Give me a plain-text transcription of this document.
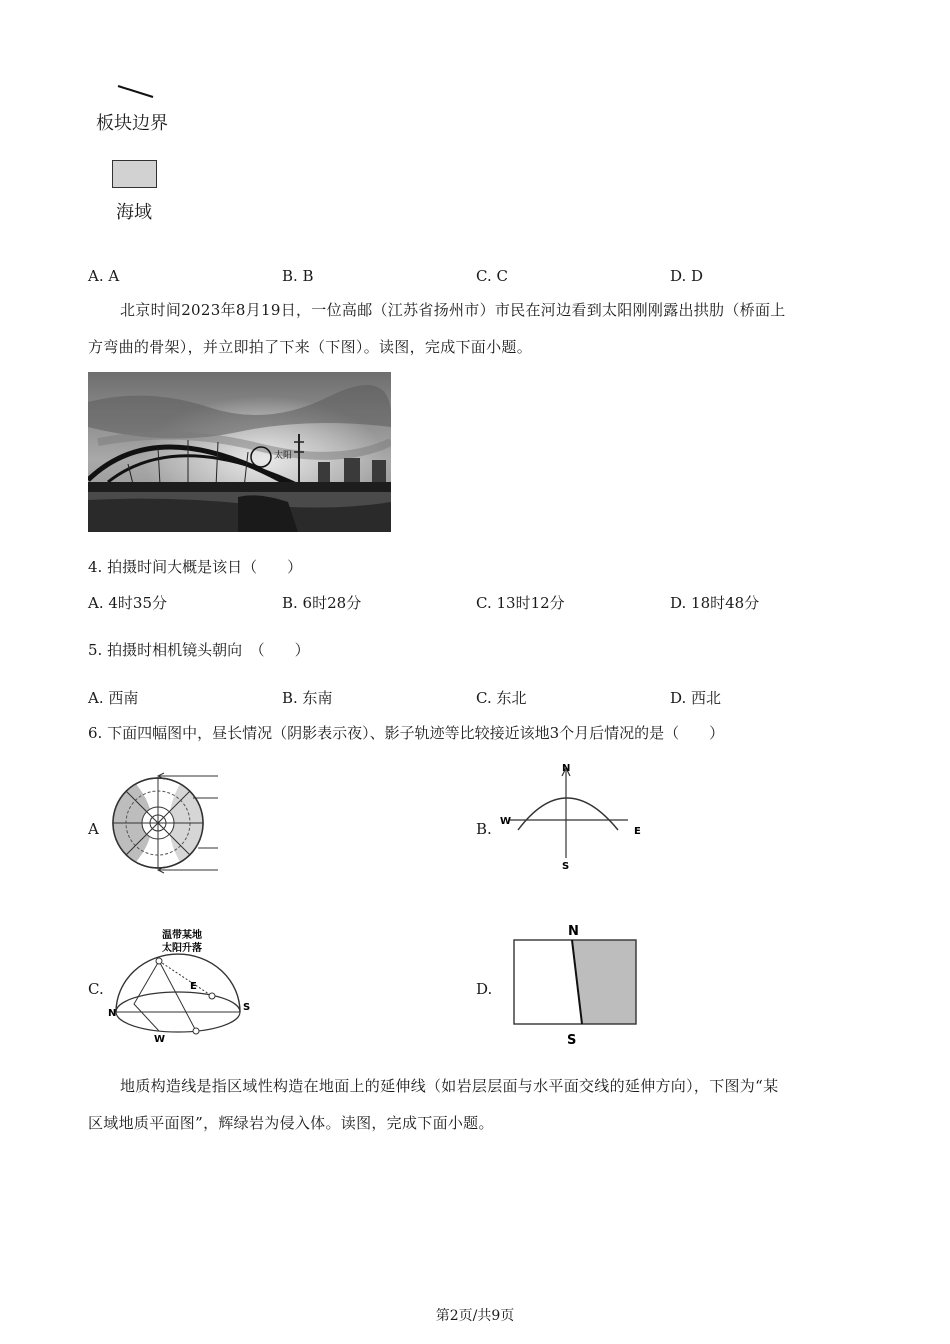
板块边界
海域
A. A	B. B	C. C	D. D
北京时间2023年8月19日，一位高邮（江苏省扬州市）市民在河边看到太阳刚刚露出拱肋（桥面上
方弯曲的骨架），并立即拍了下来（下图）。读图，完成下面小题。
太阳
4. 拍摄时间大概是该日（　　）
A. 4时35分	B. 6时28分	C. 13时12分	D. 18时48分
5. 拍摄时相机镜头朝向　（　　）
A. 西南	B. 东南	C. 东北	D. 西北
6. 下面四幅图中，昼长情况（阴影表示夜）、影子轨迹等比较接近该地3个月后情况的是（　　）
A	B.
N
S
W
E
C.
温带某地
太阳升落
N
S
E
W
D.
N
S
地质构造线是指区域性构造在地面上的延伸线（如岩层层面与水平面交线的延伸方向），下图为“某
区域地质平面图”，辉绿岩为侵入体。读图，完成下面小题。
第2页/共9页
